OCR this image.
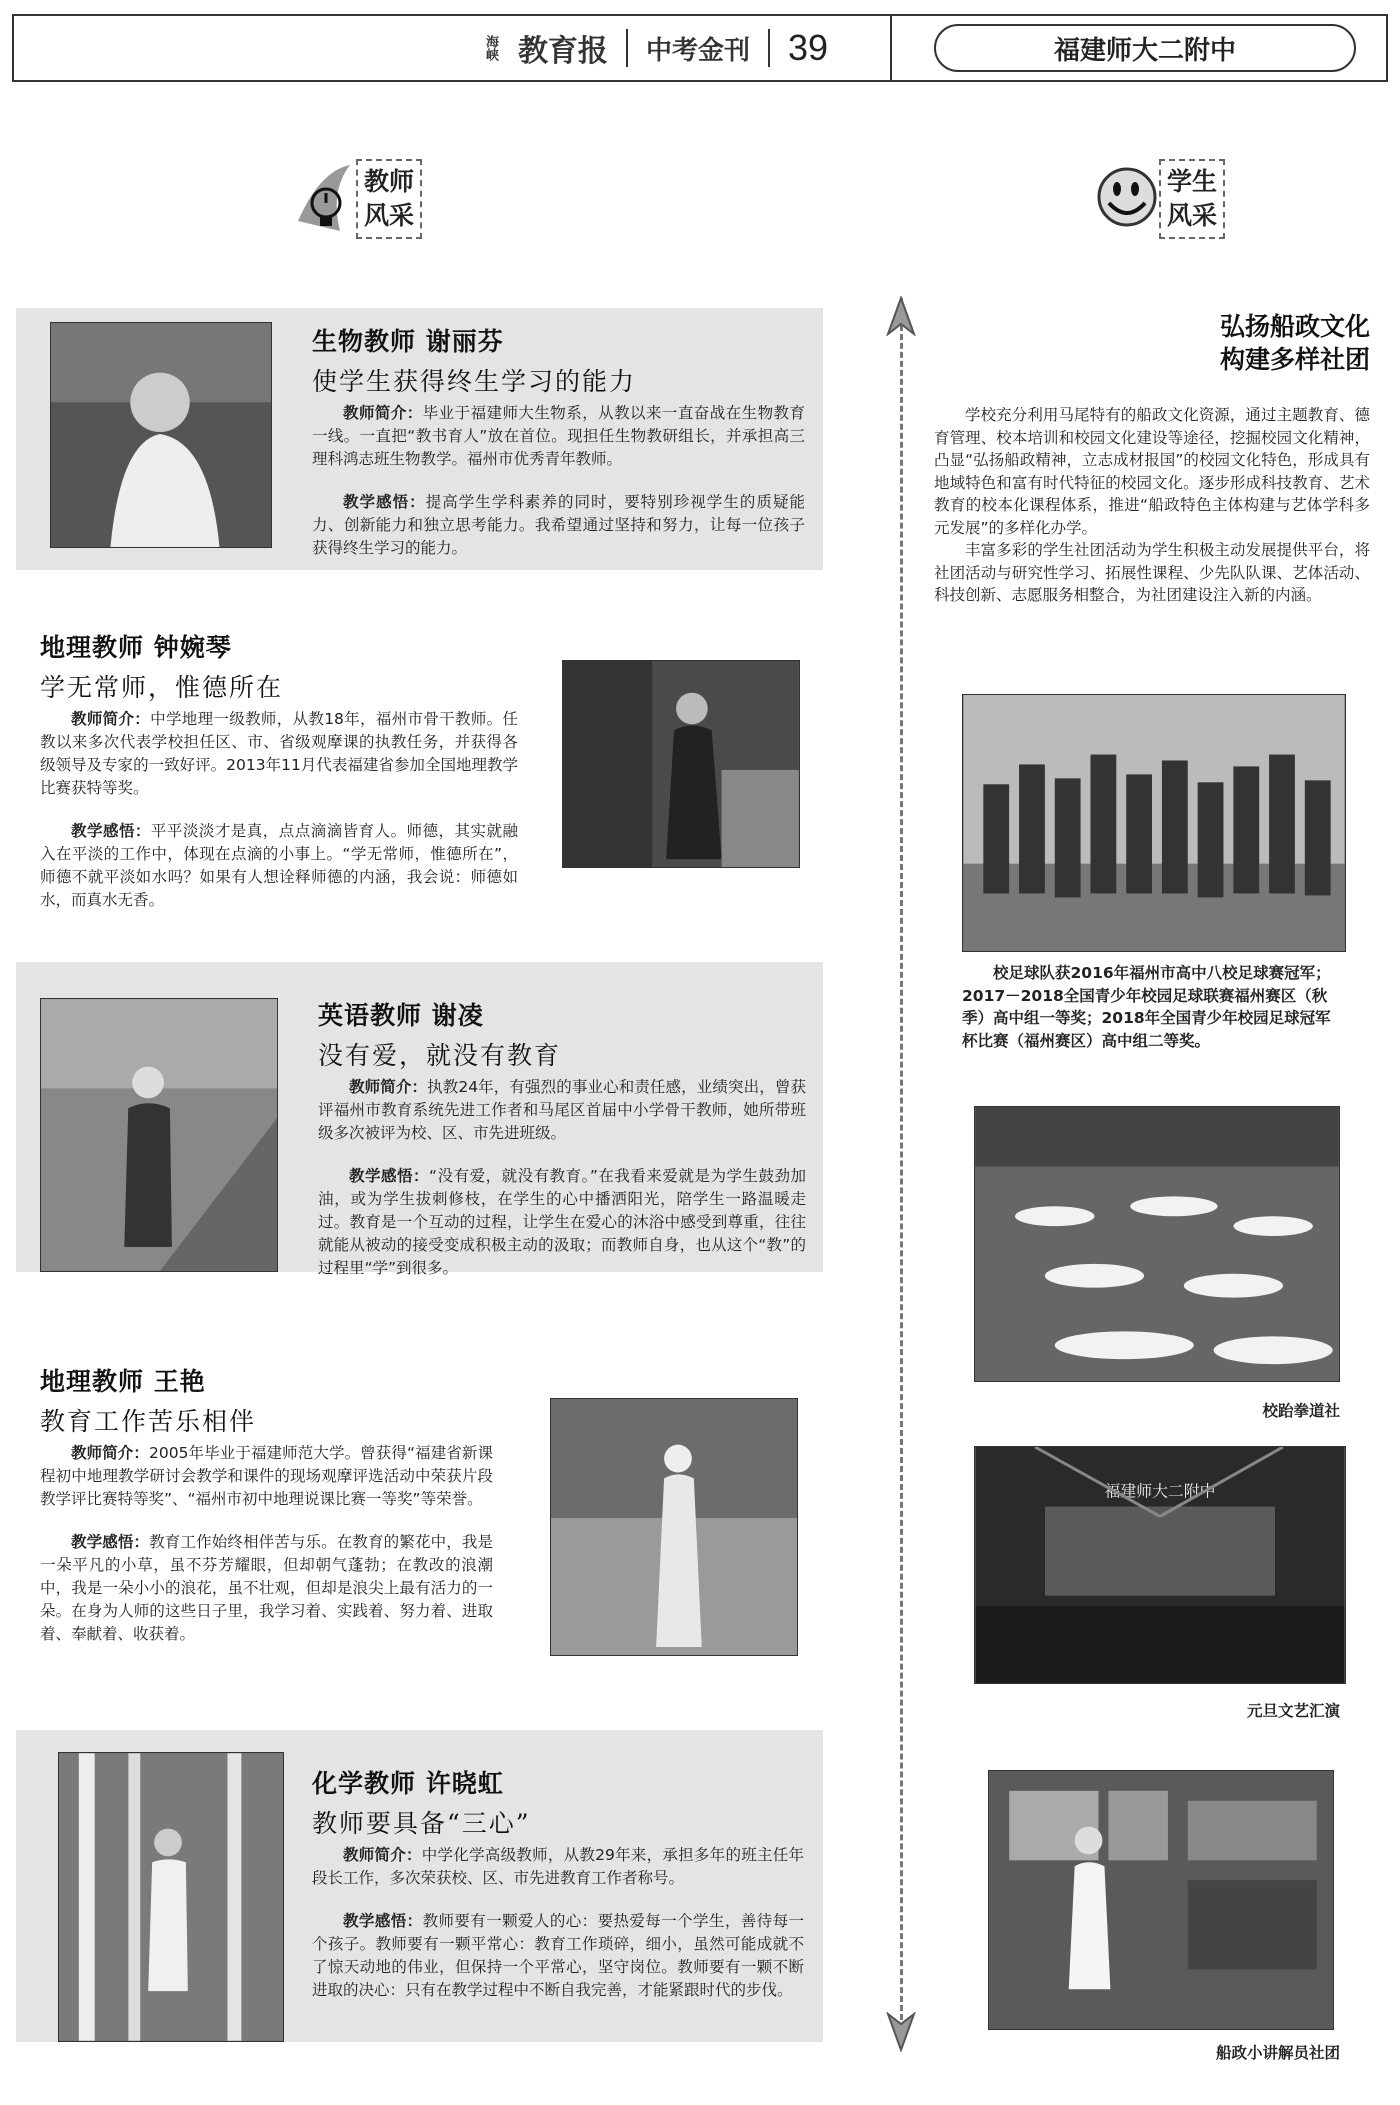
海峡 教育报 中考金刊 39	福建师大二附中
教师
风采
学生
风采
生物教师 谢丽芬
使学生获得终生学习的能力
教师简介：毕业于福建师大生物系，从教以来一直奋战在生物教育一线。一直把“教书育人”放在首位。现担任生物教研组长，并承担高三理科鸿志班生物教学。福州市优秀青年教师。
教学感悟：提高学生学科素养的同时，要特别珍视学生的质疑能力、创新能力和独立思考能力。我希望通过坚持和努力，让每一位孩子获得终生学习的能力。
地理教师 钟婉琴
学无常师，惟德所在
教师简介：中学地理一级教师，从教18年，福州市骨干教师。任教以来多次代表学校担任区、市、省级观摩课的执教任务，并获得各级领导及专家的一致好评。2013年11月代表福建省参加全国地理教学比赛获特等奖。
教学感悟：平平淡淡才是真，点点滴滴皆育人。师德，其实就融入在平淡的工作中，体现在点滴的小事上。“学无常师，惟德所在”，师德不就平淡如水吗？如果有人想诠释师德的内涵，我会说：师德如水，而真水无香。
英语教师 谢凌
没有爱，就没有教育
教师简介：执教24年，有强烈的事业心和责任感，业绩突出，曾获评福州市教育系统先进工作者和马尾区首届中小学骨干教师，她所带班级多次被评为校、区、市先进班级。
教学感悟：“没有爱，就没有教育。”在我看来爱就是为学生鼓劲加油，或为学生拔刺修枝，在学生的心中播洒阳光，陪学生一路温暖走过。教育是一个互动的过程，让学生在爱心的沐浴中感受到尊重，往往就能从被动的接受变成积极主动的汲取；而教师自身，也从这个“教”的过程里“学”到很多。
地理教师 王艳
教育工作苦乐相伴
教师简介：2005年毕业于福建师范大学。曾获得“福建省新课程初中地理教学研讨会教学和课件的现场观摩评选活动中荣获片段教学评比赛特等奖”、“福州市初中地理说课比赛一等奖”等荣誉。
教学感悟：教育工作始终相伴苦与乐。在教育的繁花中，我是一朵平凡的小草，虽不芬芳耀眼，但却朝气蓬勃；在教改的浪潮中，我是一朵小小的浪花，虽不壮观，但却是浪尖上最有活力的一朵。在身为人师的这些日子里，我学习着、实践着、努力着、进取着、奉献着、收获着。
化学教师 许晓虹
教师要具备“三心”
教师简介：中学化学高级教师，从教29年来，承担多年的班主任年段长工作，多次荣获校、区、市先进教育工作者称号。
教学感悟：教师要有一颗爱人的心：要热爱每一个学生，善待每一个孩子。教师要有一颗平常心：教育工作琐碎，细小，虽然可能成就不了惊天动地的伟业，但保持一个平常心，坚守岗位。教师要有一颗不断进取的决心：只有在教学过程中不断自我完善，才能紧跟时代的步伐。
弘扬船政文化
构建多样社团

学校充分利用马尾特有的船政文化资源，通过主题教育、德育管理、校本培训和校园文化建设等途径，挖掘校园文化精神，凸显“弘扬船政精神，立志成材报国”的校园文化特色，形成具有地域特色和富有时代特征的校园文化。逐步形成科技教育、艺术教育的校本化课程体系，推进“船政特色主体构建与艺体学科多元发展”的多样化办学。

丰富多彩的学生社团活动为学生积极主动发展提供平台，将社团活动与研究性学习、拓展性课程、少先队队课、艺体活动、科技创新、志愿服务相整合，为社团建设注入新的内涵。

校足球队获2016年福州市高中八校足球赛冠军；2017－2018全国青少年校园足球联赛福州赛区（秋季）高中组一等奖；2018年全国青少年校园足球冠军杯比赛（福州赛区）高中组二等奖。
校跆拳道社
福建师大二附中
元旦文艺汇演
船政小讲解员社团
